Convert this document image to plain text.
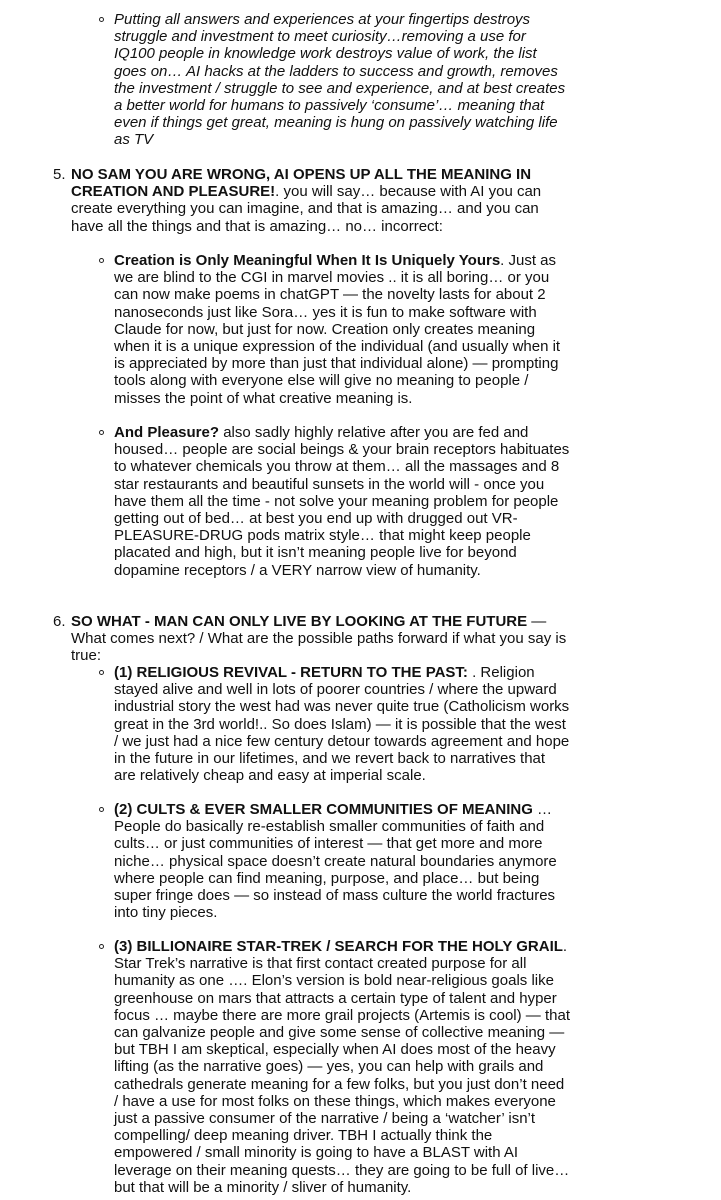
Putting all answers and experiences at your fingertips destroys struggle and investment to meet curiosity…removing a use for IQ100 people in knowledge work destroys value of work, the list goes on… AI hacks at the ladders to success and growth, removes the investment / struggle to see and experience, and at best creates a better world for humans to passively ‘consume’… meaning that even if things get great, meaning is hung on passively watching life as TV
5. NO SAM YOU ARE WRONG, AI OPENS UP ALL THE MEANING IN CREATION AND PLEASURE!. you will say… because with AI you can create everything you can imagine, and that is amazing… and you can have all the things and that is amazing… no… incorrect:
Creation is Only Meaningful When It Is Uniquely Yours. Just as we are blind to the CGI in marvel movies .. it is all boring… or you can now make poems in chatGPT — the novelty lasts for about 2 nanoseconds just like Sora… yes it is fun to make software with Claude for now, but just for now. Creation only creates meaning when it is a unique expression of the individual (and usually when it is appreciated by more than just that individual alone) — prompting tools along with everyone else will give no meaning to people / misses the point of what creative meaning is.
And Pleasure? also sadly highly relative after you are fed and housed… people are social beings & your brain receptors habituates to whatever chemicals you throw at them… all the massages and 8 star restaurants and beautiful sunsets in the world will - once you have them all the time - not solve your meaning problem for people getting out of bed… at best you end up with drugged out VR-PLEASURE-DRUG pods matrix style… that might keep people placated and high, but it isn’t meaning people live for beyond dopamine receptors / a VERY narrow view of humanity.
6. SO WHAT - MAN CAN ONLY LIVE BY LOOKING AT THE FUTURE — What comes next? / What are the possible paths forward if what you say is true:
(1) RELIGIOUS REVIVAL - RETURN TO THE PAST: . Religion stayed alive and well in lots of poorer countries / where the upward industrial story the west had was never quite true (Catholicism works great in the 3rd world!.. So does Islam) — it is possible that the west / we just had a nice few century detour towards agreement and hope in the future in our lifetimes, and we revert back to narratives that are relatively cheap and easy at imperial scale.
(2) CULTS & EVER SMALLER COMMUNITIES OF MEANING … People do basically re-establish smaller communities of faith and cults… or just communities of interest — that get more and more niche… physical space doesn’t create natural boundaries anymore where people can find meaning, purpose, and place… but being super fringe does — so instead of mass culture the world fractures into tiny pieces.
(3) BILLIONAIRE STAR-TREK / SEARCH FOR THE HOLY GRAIL. Star Trek’s narrative is that first contact created purpose for all humanity as one …. Elon’s version is bold near-religious goals like greenhouse on mars that attracts a certain type of talent and hyper focus … maybe there are more grail projects (Artemis is cool) — that can galvanize people and give some sense of collective meaning — but TBH I am skeptical, especially when AI does most of the heavy lifting (as the narrative goes) — yes, you can help with grails and cathedrals generate meaning for a few folks, but you just don’t need / have a use for most folks on these things, which makes everyone just a passive consumer of the narrative / being a ‘watcher’ isn’t compelling/ deep meaning driver. TBH I actually think the empowered / small minority is going to have a BLAST with AI leverage on their meaning quests… they are going to be full of live… but that will be a minority / sliver of humanity.
